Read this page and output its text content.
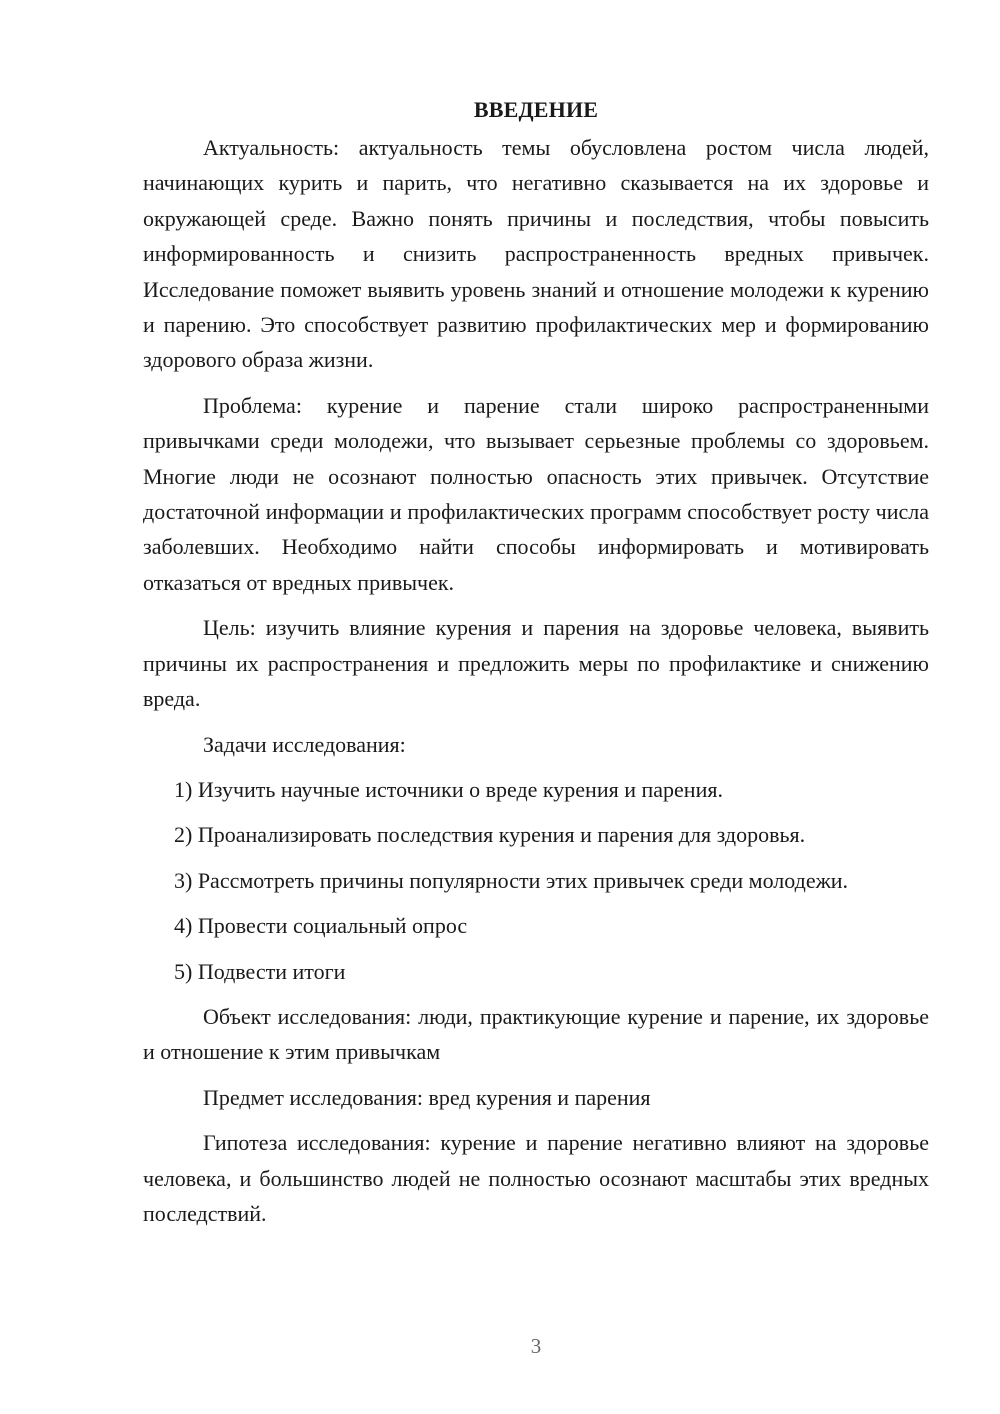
ВВЕДЕНИЕ

Актуальность: актуальность темы обусловлена ростом числа людей, начинающих курить и парить, что негативно сказывается на их здоровье и окружающей среде. Важно понять причины и последствия, чтобы повысить информированность и снизить распространенность вредных привычек. Исследование поможет выявить уровень знаний и отношение молодежи к курению и парению. Это способствует развитию профилактических мер и формированию здорового образа жизни.

Проблема: курение и парение стали широко распространенными привычками среди молодежи, что вызывает серьезные проблемы со здоровьем. Многие люди не осознают полностью опасность этих привычек. Отсутствие достаточной информации и профилактических программ способствует росту числа заболевших. Необходимо найти способы информировать и мотивировать отказаться от вредных привычек.

Цель: изучить влияние курения и парения на здоровье человека, выявить причины их распространения и предложить меры по профилактике и снижению вреда.

Задачи исследования:

1) Изучить научные источники о вреде курения и парения.

2) Проанализировать последствия курения и парения для здоровья.

3) Рассмотреть причины популярности этих привычек среди молодежи.

4) Провести социальный опрос

5) Подвести итоги

Объект исследования: люди, практикующие курение и парение, их здоровье и отношение к этим привычкам

Предмет исследования: вред курения и парения

Гипотеза исследования: курение и парение негативно влияют на здоровье человека, и большинство людей не полностью осознают масштабы этих вредных последствий.

3
